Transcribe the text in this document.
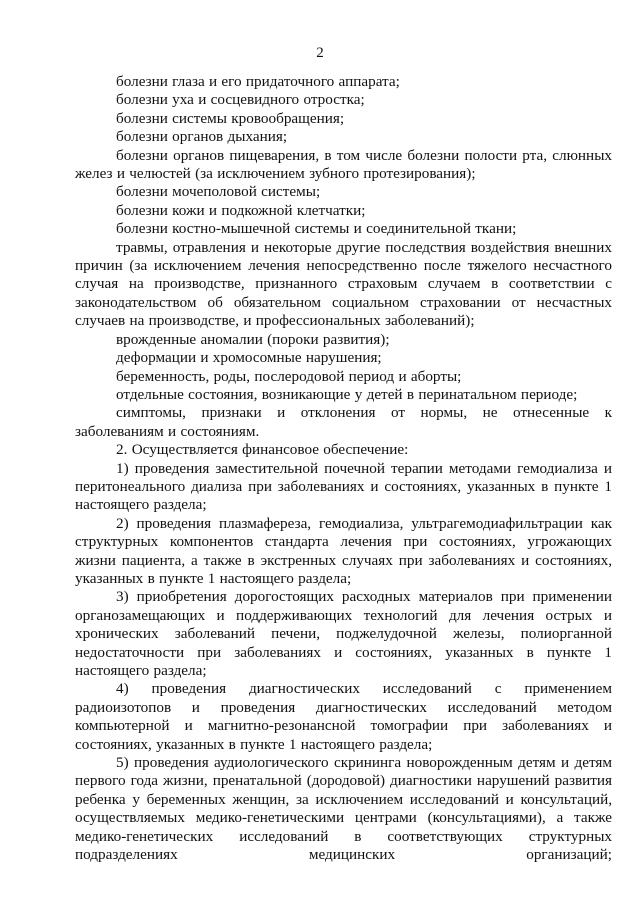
2

болезни глаза и его придаточного аппарата;

болезни уха и сосцевидного отростка;

болезни системы кровообращения;

болезни органов дыхания;

болезни органов пищеварения, в том числе болезни полости рта, слюнных желез и челюстей (за исключением зубного протезирования);

болезни мочеполовой системы;

болезни кожи и подкожной клетчатки;

болезни костно-мышечной системы и соединительной ткани;

травмы, отравления и некоторые другие последствия воздействия внешних причин (за исключением лечения непосредственно после тяжелого несчастного случая на производстве, признанного страховым случаем в соответствии с законодательством об обязательном социальном страховании от несчастных случаев на производстве, и профессиональных заболеваний);

врожденные аномалии (пороки развития);

деформации и хромосомные нарушения;

беременность, роды, послеродовой период и аборты;

отдельные состояния, возникающие у детей в перинатальном периоде;

симптомы, признаки и отклонения от нормы, не отнесенные к заболеваниям и состояниям.

2. Осуществляется финансовое обеспечение:

1) проведения заместительной почечной терапии методами гемодиализа и перитонеального диализа при заболеваниях и состояниях, указанных в пункте 1 настоящего раздела;

2) проведения плазмафереза, гемодиализа, ультрагемодиафильтрации как структурных компонентов стандарта лечения при состояниях, угрожающих жизни пациента, а также в экстренных случаях при заболеваниях и состояниях, указанных в пункте 1 настоящего раздела;

3) приобретения дорогостоящих расходных материалов при применении органозамещающих и поддерживающих технологий для лечения острых и хронических заболеваний печени, поджелудочной железы, полиорганной недостаточности при заболеваниях и состояниях, указанных в пункте 1 настоящего раздела;

4) проведения диагностических исследований с применением радиоизотопов и проведения диагностических исследований методом компьютерной и магнитно-резонансной томографии при заболеваниях и состояниях, указанных в пункте 1 настоящего раздела;

5) проведения аудиологического скрининга новорожденным детям и детям первого года жизни, пренатальной (дородовой) диагностики нарушений развития ребенка у беременных женщин, за исключением исследований и консультаций, осуществляемых медико-генетическими центрами (консультациями), а также медико-генетических исследований в соответствующих структурных подразделениях медицинских организаций;
